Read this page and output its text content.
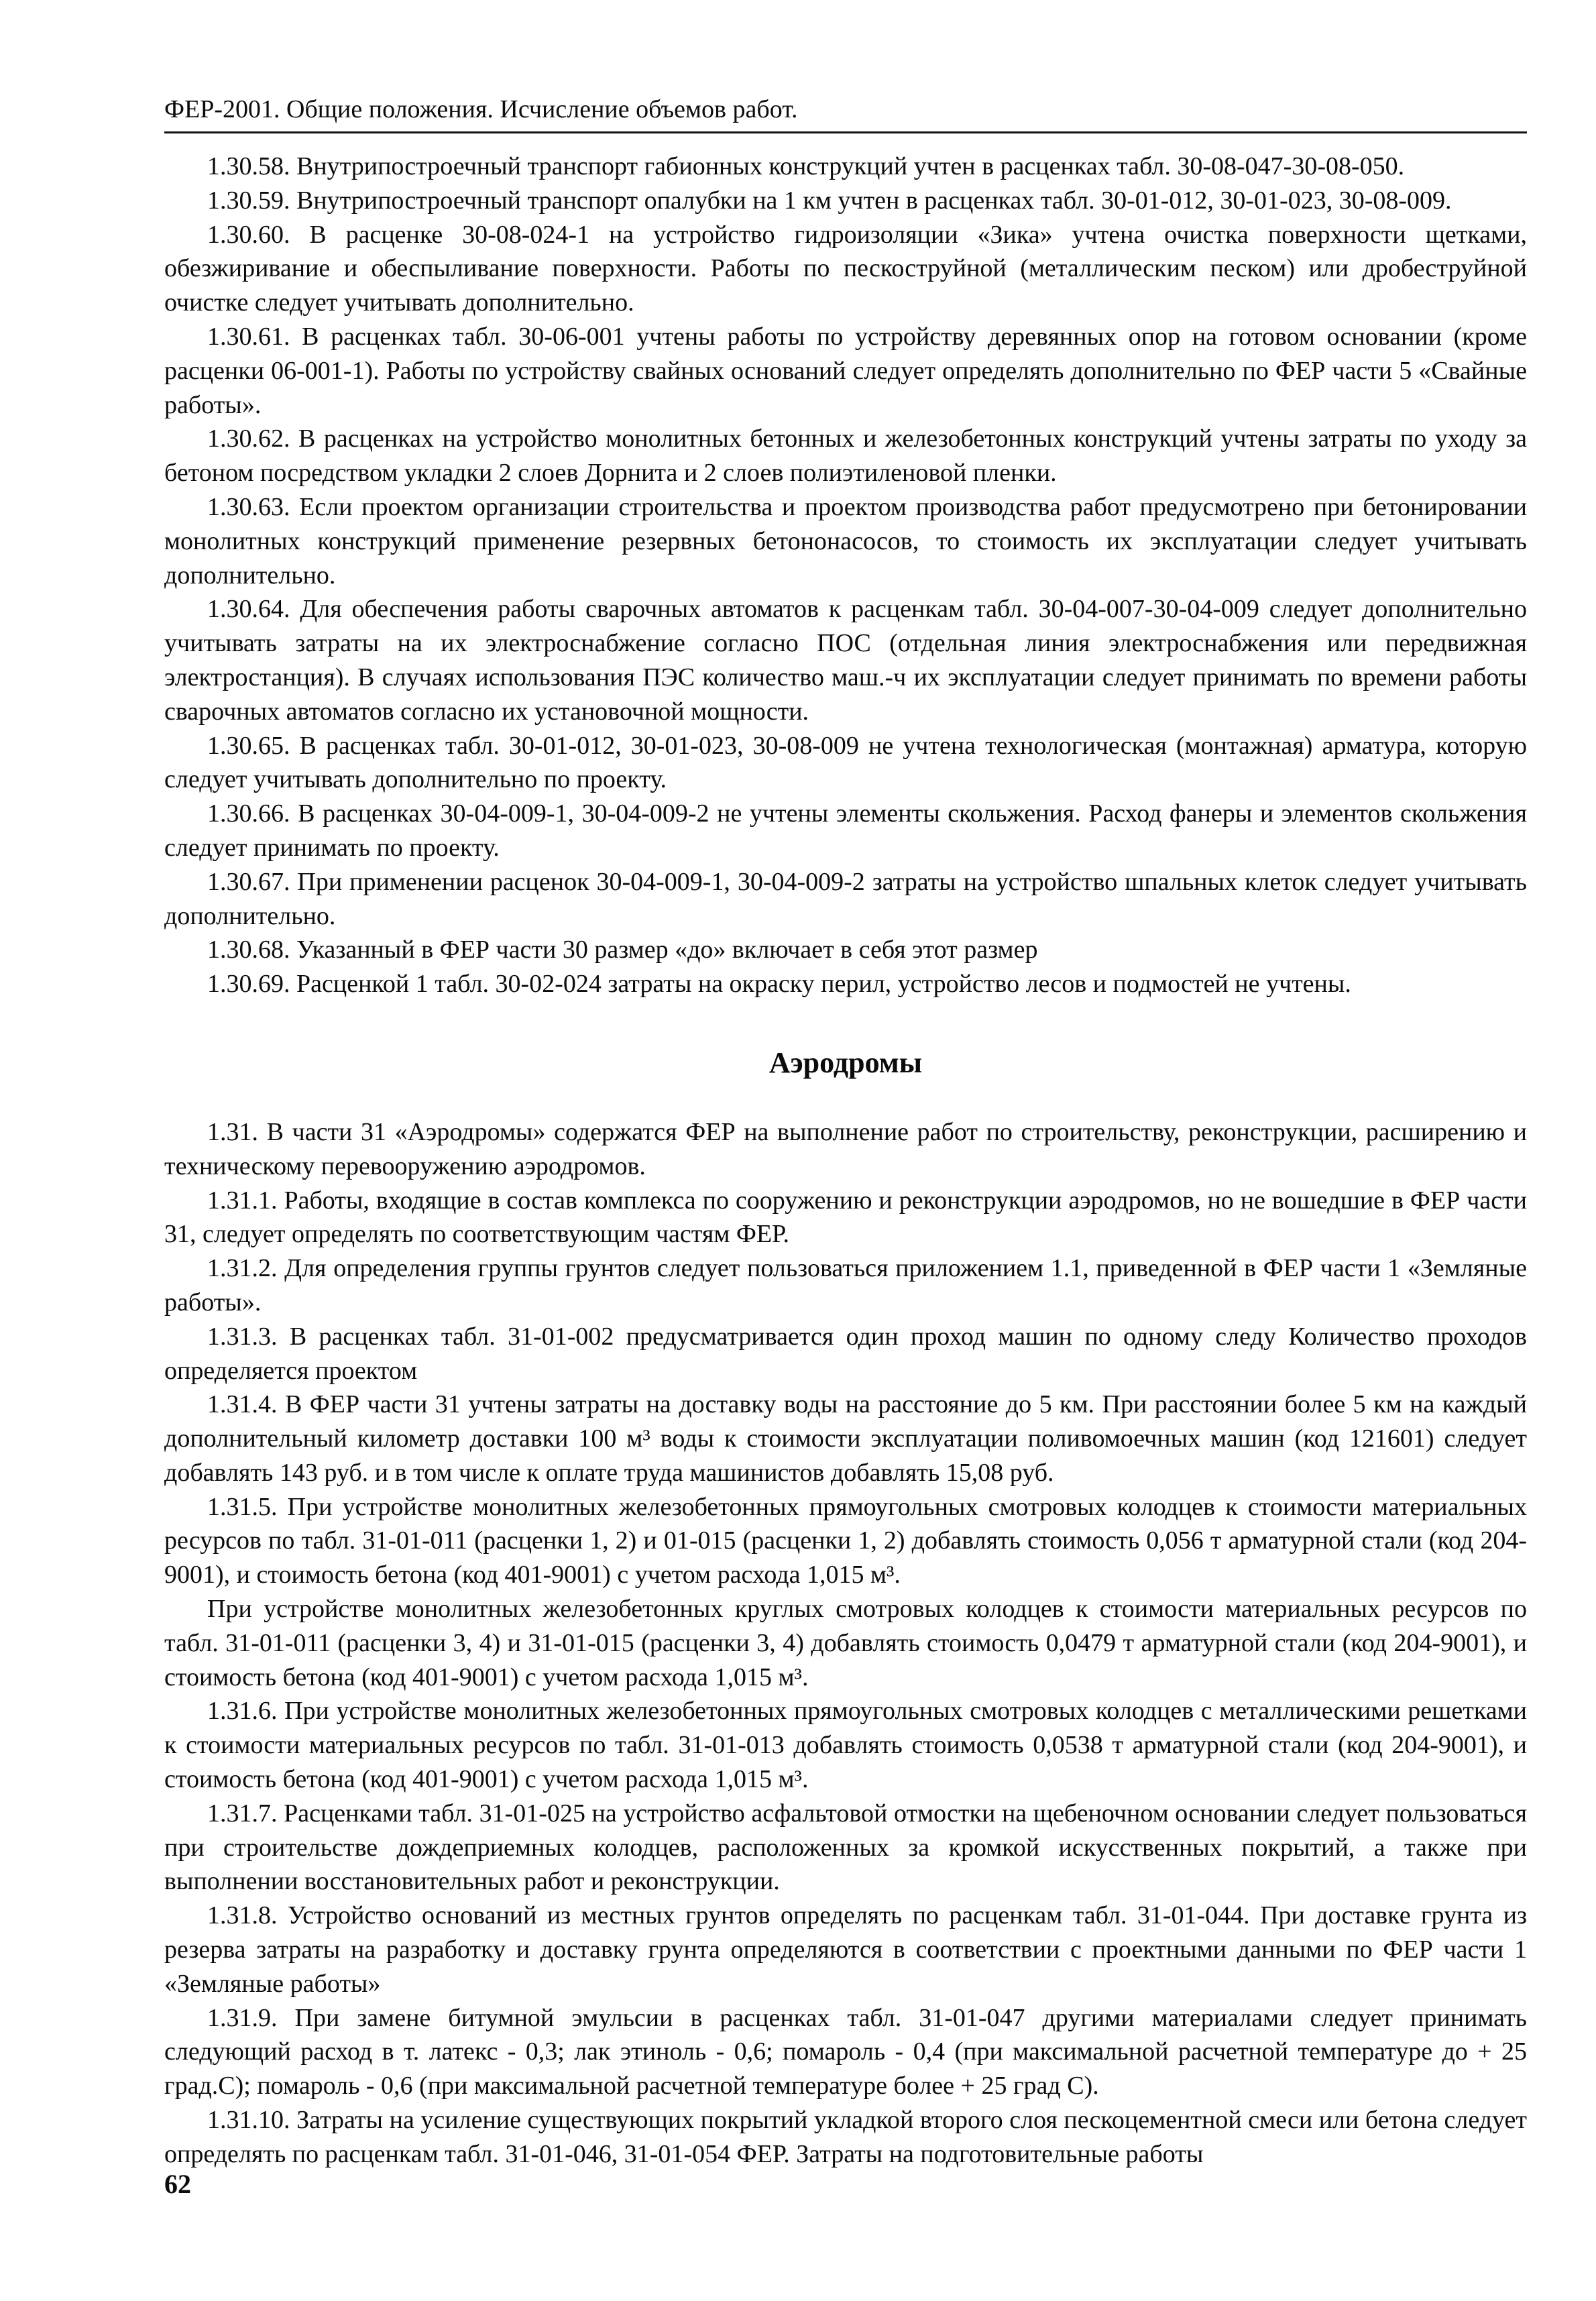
ФЕР-2001. Общие положения. Исчисление объемов работ.

1.30.58. Внутрипостроечный транспорт габионных конструкций учтен в расценках табл. 30-08-047-30-08-050.

1.30.59. Внутрипостроечный транспорт опалубки на 1 км учтен в расценках табл. 30-01-012, 30-01-023, 30-08-009.

1.30.60. В расценке 30-08-024-1 на устройство гидроизоляции «Зика» учтена очистка поверхности щетками, обезжиривание и обеспыливание поверхности. Работы по пескоструйной (металлическим песком) или дробеструйной очистке следует учитывать дополнительно.

1.30.61. В расценках табл. 30-06-001 учтены работы по устройству деревянных опор на готовом основании (кроме расценки 06-001-1). Работы по устройству свайных оснований следует определять дополнительно по ФЕР части 5 «Свайные работы».

1.30.62. В расценках на устройство монолитных бетонных и железобетонных конструкций учтены затраты по уходу за бетоном посредством укладки 2 слоев Дорнита и 2 слоев полиэтиленовой пленки.

1.30.63. Если проектом организации строительства и проектом производства работ предусмотрено при бетонировании монолитных конструкций применение резервных бетононасосов, то стоимость их эксплуатации следует учитывать дополнительно.

1.30.64. Для обеспечения работы сварочных автоматов к расценкам табл. 30-04-007-30-04-009 следует дополнительно учитывать затраты на их электроснабжение согласно ПОС (отдельная линия электроснабжения или передвижная электростанция). В случаях использования ПЭС количество маш.-ч их эксплуатации следует принимать по времени работы сварочных автоматов согласно их установочной мощности.

1.30.65. В расценках табл. 30-01-012, 30-01-023, 30-08-009 не учтена технологическая (монтажная) арматура, которую следует учитывать дополнительно по проекту.

1.30.66. В расценках 30-04-009-1, 30-04-009-2 не учтены элементы скольжения. Расход фанеры и элементов скольжения следует принимать по проекту.

1.30.67. При применении расценок 30-04-009-1, 30-04-009-2 затраты на устройство шпальных клеток следует учитывать дополнительно.

1.30.68. Указанный в ФЕР части 30 размер «до» включает в себя этот размер

1.30.69. Расценкой 1 табл. 30-02-024 затраты на окраску перил, устройство лесов и подмостей не учтены.

Аэродромы

1.31. В части 31 «Аэродромы» содержатся ФЕР на выполнение работ по строительству, реконструкции, расширению и техническому перевооружению аэродромов.

1.31.1. Работы, входящие в состав комплекса по сооружению и реконструкции аэродромов, но не вошедшие в ФЕР части 31, следует определять по соответствующим частям ФЕР.

1.31.2. Для определения группы грунтов следует пользоваться приложением 1.1, приведенной в ФЕР части 1 «Земляные работы».

1.31.3. В расценках табл. 31-01-002 предусматривается один проход машин по одному следу Количество проходов определяется проектом

1.31.4. В ФЕР части 31 учтены затраты на доставку воды на расстояние до 5 км. При расстоянии более 5 км на каждый дополнительный километр доставки 100 м³ воды к стоимости эксплуатации поливомоечных машин (код 121601) следует добавлять 143 руб. и в том числе к оплате труда машинистов добавлять 15,08 руб.

1.31.5. При устройстве монолитных железобетонных прямоугольных смотровых колодцев к стоимости материальных ресурсов по табл. 31-01-011 (расценки 1, 2) и 01-015 (расценки 1, 2) добавлять стоимость 0,056 т арматурной стали (код 204-9001), и стоимость бетона (код 401-9001) с учетом расхода 1,015 м³.

При устройстве монолитных железобетонных круглых смотровых колодцев к стоимости материальных ресурсов по табл. 31-01-011 (расценки 3, 4) и 31-01-015 (расценки 3, 4) добавлять стоимость 0,0479 т арматурной стали (код 204-9001), и стоимость бетона (код 401-9001) с учетом расхода 1,015 м³.

1.31.6. При устройстве монолитных железобетонных прямоугольных смотровых колодцев с металлическими решетками к стоимости материальных ресурсов по табл. 31-01-013 добавлять стоимость 0,0538 т арматурной стали (код 204-9001), и стоимость бетона (код 401-9001) с учетом расхода 1,015 м³.

1.31.7. Расценками табл. 31-01-025 на устройство асфальтовой отмостки на щебеночном основании следует пользоваться при строительстве дождеприемных колодцев, расположенных за кромкой искусственных покрытий, а также при выполнении восстановительных работ и реконструкции.

1.31.8. Устройство оснований из местных грунтов определять по расценкам табл. 31-01-044. При доставке грунта из резерва затраты на разработку и доставку грунта определяются в соответствии с проектными данными по ФЕР части 1 «Земляные работы»

1.31.9. При замене битумной эмульсии в расценках табл. 31-01-047 другими материалами следует принимать следующий расход в т. латекс - 0,3; лак этиноль - 0,6; помароль - 0,4 (при максимальной расчетной температуре до + 25 град.С); помароль - 0,6 (при максимальной расчетной температуре более + 25 град С).

1.31.10. Затраты на усиление существующих покрытий укладкой второго слоя пескоцементной смеси или бетона следует определять по расценкам табл. 31-01-046, 31-01-054 ФЕР. Затраты на подготовительные работы

62
